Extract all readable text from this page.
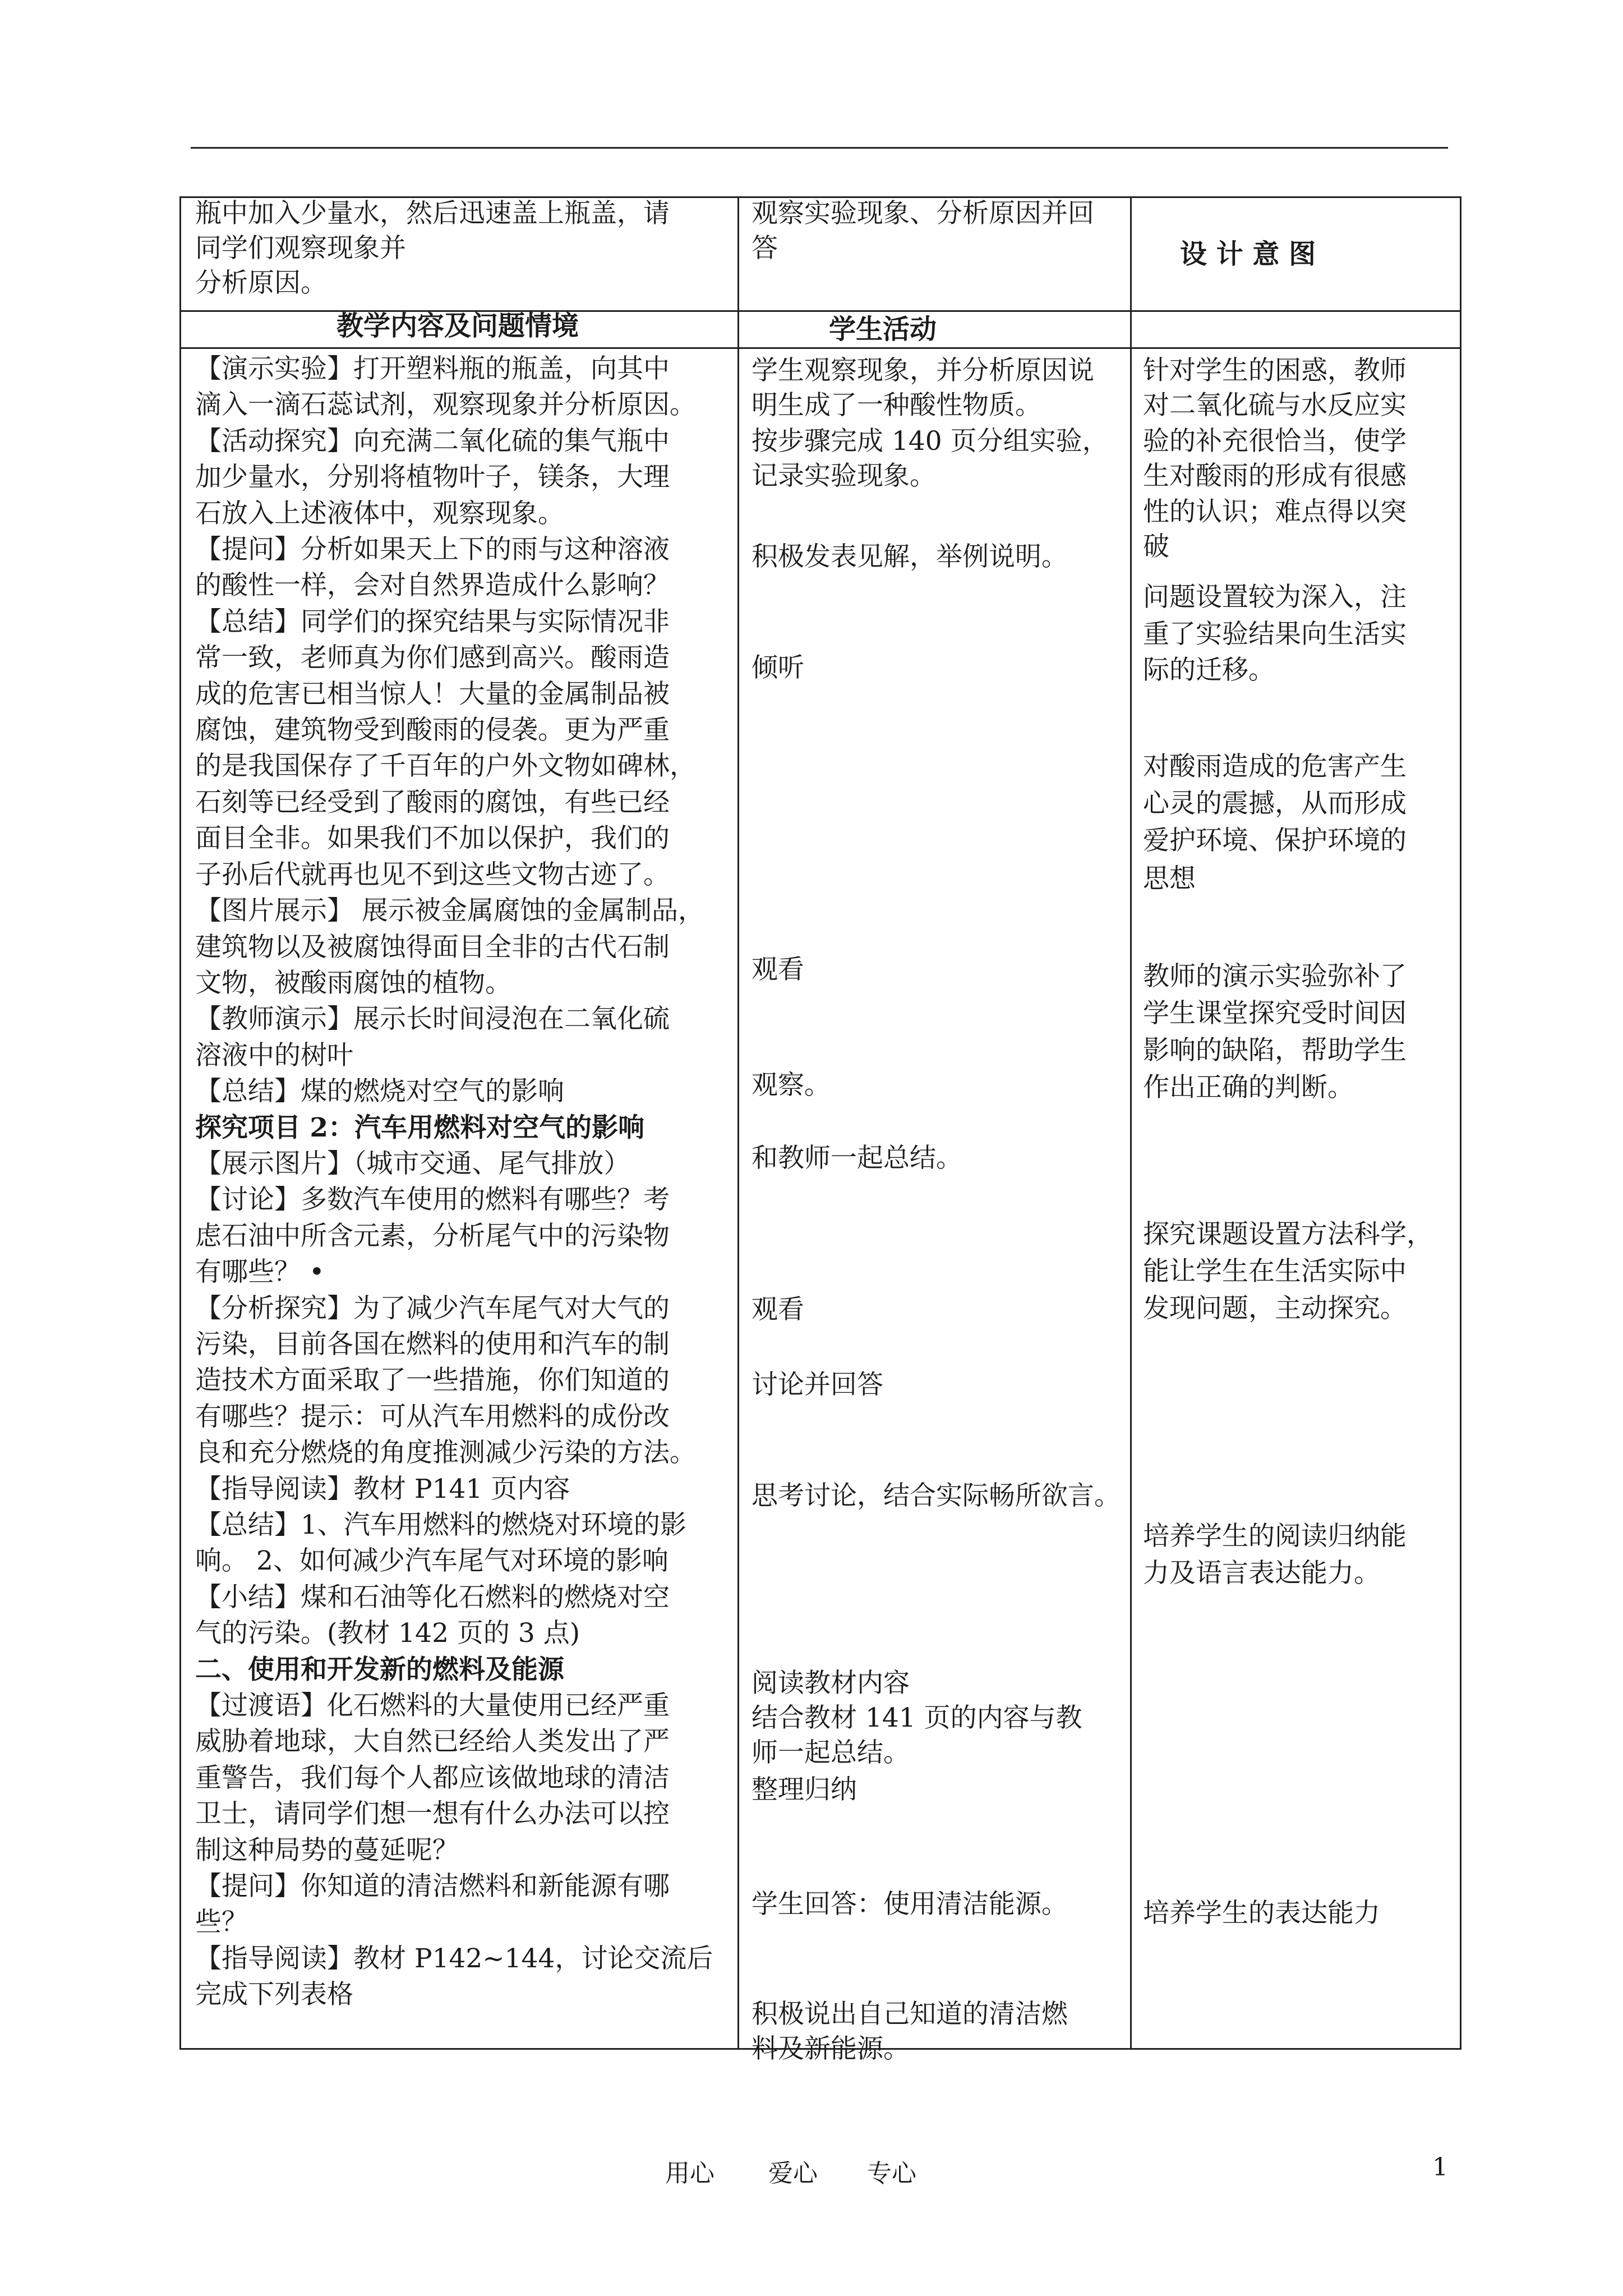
瓶中加入少量水，然后迅速盖上瓶盖，请

同学们观察现象并

分析原因。

教学内容及问题情境

观察实验现象、分析原因并回

答

学生活动
设 计 意 图

【演示实验】打开塑料瓶的瓶盖，向其中

滴入一滴石蕊试剂，观察现象并分析原因。

【活动探究】向充满二氧化硫的集气瓶中

加少量水，分别将植物叶子，镁条，大理

石放入上述液体中，观察现象。

【提问】分析如果天上下的雨与这种溶液

的酸性一样，会对自然界造成什么影响？

【总结】同学们的探究结果与实际情况非

常一致，老师真为你们感到高兴。酸雨造

成的危害已相当惊人！大量的金属制品被

腐蚀，建筑物受到酸雨的侵袭。更为严重

的是我国保存了千百年的户外文物如碑林，

石刻等已经受到了酸雨的腐蚀，有些已经

面目全非。如果我们不加以保护，我们的

子孙后代就再也见不到这些文物古迹了。

【图片展示】 展示被金属腐蚀的金属制品，

建筑物以及被腐蚀得面目全非的古代石制

文物，被酸雨腐蚀的植物。

【教师演示】展示长时间浸泡在二氧化硫

溶液中的树叶

【总结】煤的燃烧对空气的影响

探究项目 2：汽车用燃料对空气的影响

【展示图片】（城市交通、尾气排放）

【讨论】多数汽车使用的燃料有哪些？考

虑石油中所含元素，分析尾气中的污染物

有哪些？ •

【分析探究】为了减少汽车尾气对大气的

污染，目前各国在燃料的使用和汽车的制

造技术方面采取了一些措施，你们知道的

有哪些？提示：可从汽车用燃料的成份改

良和充分燃烧的角度推测减少污染的方法。

【指导阅读】教材 P141 页内容

【总结】1、汽车用燃料的燃烧对环境的影

响。 2、如何减少汽车尾气对环境的影响

【小结】煤和石油等化石燃料的燃烧对空

气的污染。(教材 142 页的 3 点)

二、使用和开发新的燃料及能源

【过渡语】化石燃料的大量使用已经严重

威胁着地球，大自然已经给人类发出了严

重警告，我们每个人都应该做地球的清洁

卫士，请同学们想一想有什么办法可以控

制这种局势的蔓延呢？

【提问】你知道的清洁燃料和新能源有哪

些？

【指导阅读】教材 P142~144，讨论交流后

完成下列表格

学生观察现象，并分析原因说
明生成了一种酸性物质。
按步骤完成 140 页分组实验，
记录实验现象。
积极发表见解，举例说明。
倾听
观看
观察。
和教师一起总结。
观看
讨论并回答
思考讨论，结合实际畅所欲言。
阅读教材内容
结合教材 141 页的内容与教
师一起总结。
整理归纳
学生回答：使用清洁能源。
积极说出自己知道的清洁燃
料及新能源。
针对学生的困惑，教师
对二氧化硫与水反应实
验的补充很恰当，使学
生对酸雨的形成有很感
性的认识；难点得以突
破
问题设置较为深入，注
重了实验结果向生活实
际的迁移。
对酸雨造成的危害产生
心灵的震撼，从而形成
爱护环境、保护环境的
思想
教师的演示实验弥补了
学生课堂探究受时间因
影响的缺陷，帮助学生
作出正确的判断。
探究课题设置方法科学，
能让学生在生活实际中
发现问题，主动探究。
培养学生的阅读归纳能
力及语言表达能力。
培养学生的表达能力
用心 爱心 专心	1
